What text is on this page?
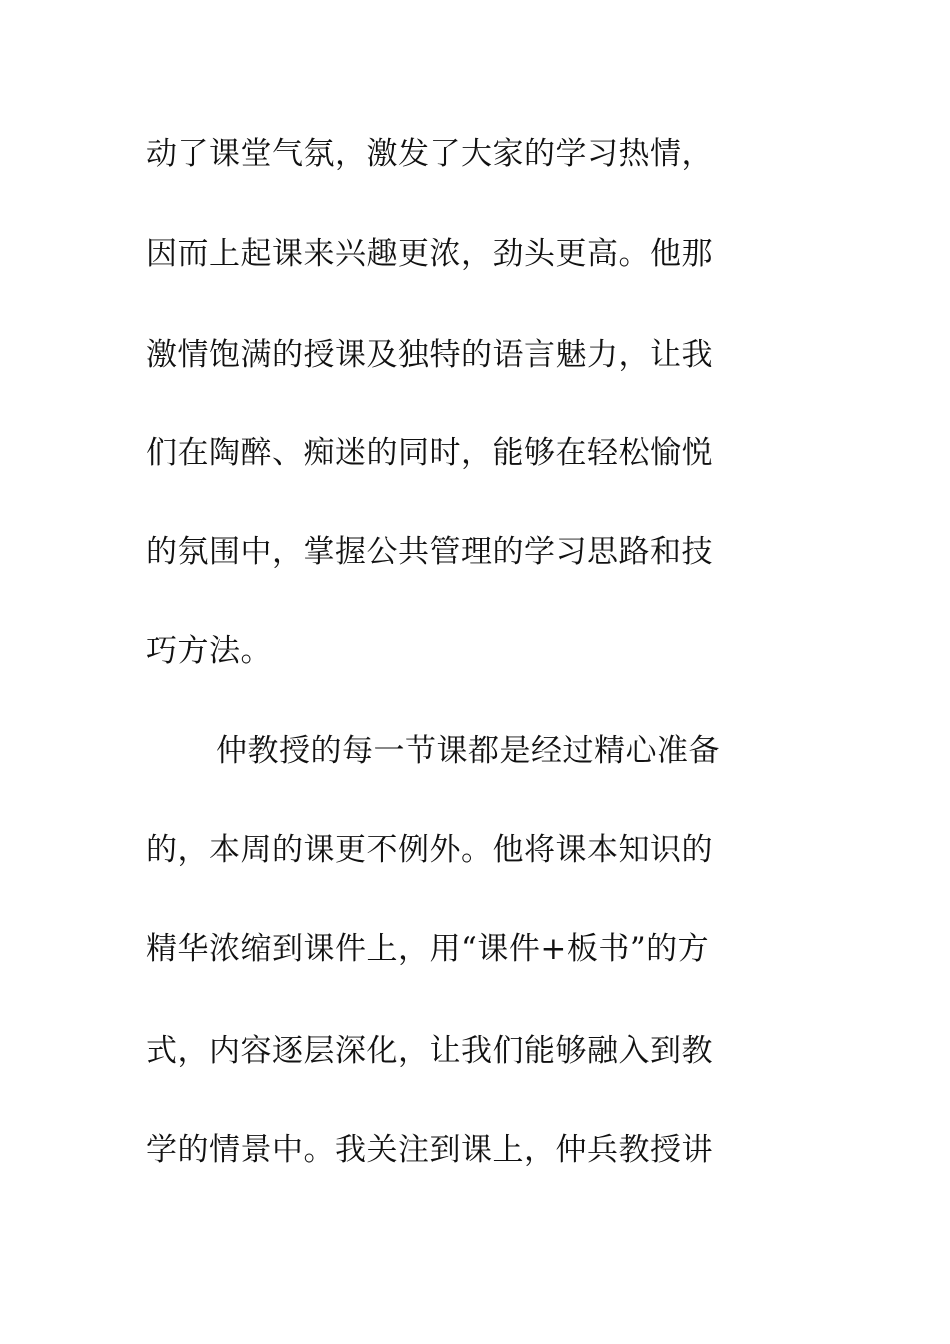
动了课堂气氛，激发了大家的学习热情，
因而上起课来兴趣更浓，劲头更高。他那
激情饱满的授课及独特的语言魅力，让我
们在陶醉、痴迷的同时，能够在轻松愉悦
的氛围中，掌握公共管理的学习思路和技
巧方法。
仲教授的每一节课都是经过精心准备
的，本周的课更不例外。他将课本知识的
精华浓缩到课件上，用“课件+板书”的方
式，内容逐层深化，让我们能够融入到教
学的情景中。我关注到课上，仲兵教授讲
